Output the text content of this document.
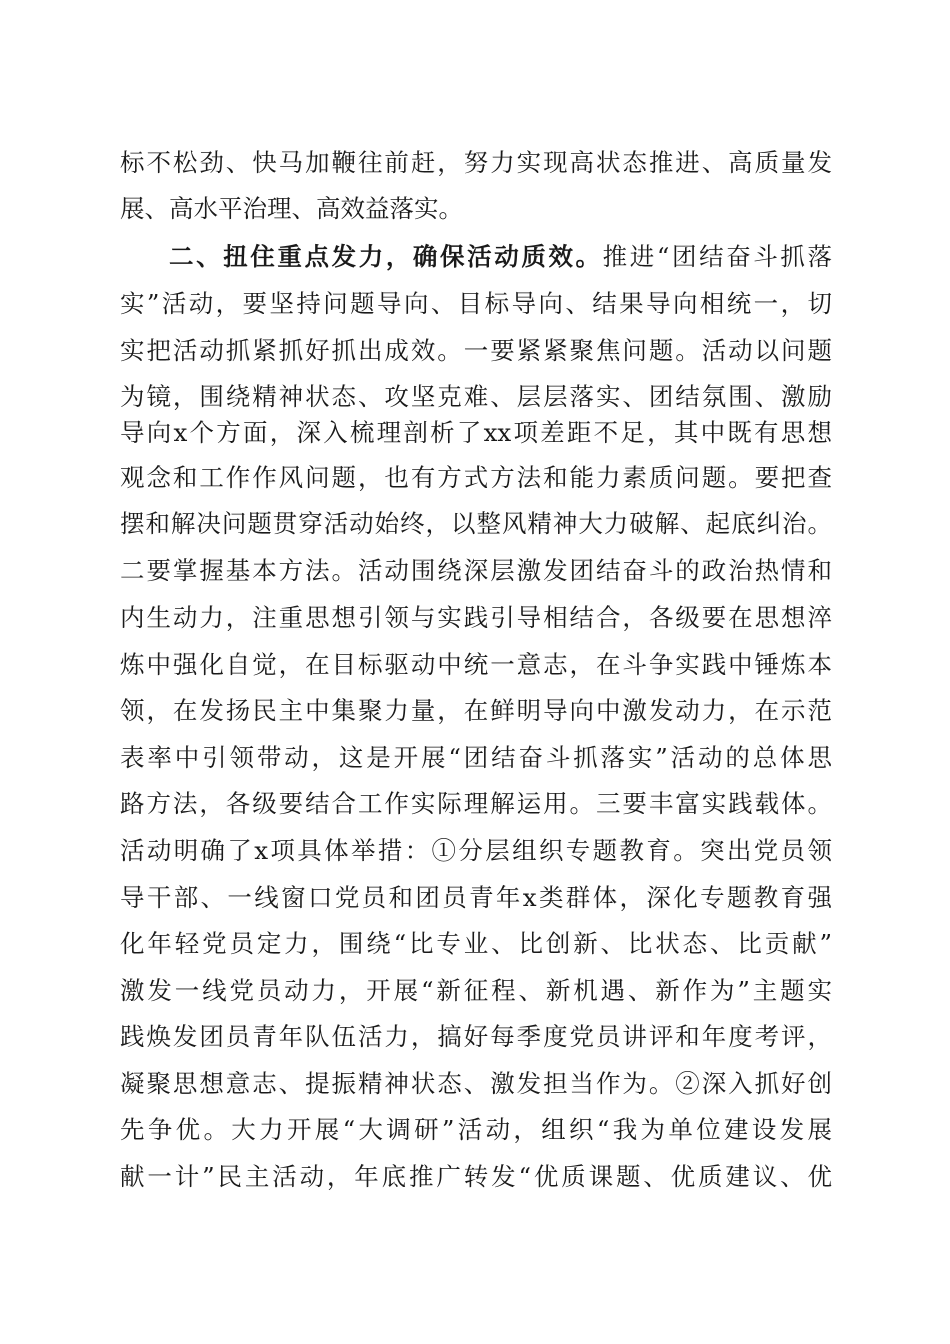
标不松劲、快马加鞭往前赶，努力实现高状态推进、高质量发
展、高水平治理、高效益落实。
二、扭住重点发力，确保活动质效。推进“团结奋斗抓落
实”活动，要坚持问题导向、目标导向、结果导向相统一，切
实把活动抓紧抓好抓出成效。一要紧紧聚焦问题。活动以问题
为镜，围绕精神状态、攻坚克难、层层落实、团结氛围、激励
导向x个方面，深入梳理剖析了xx项差距不足，其中既有思想
观念和工作作风问题，也有方式方法和能力素质问题。要把查
摆和解决问题贯穿活动始终，以整风精神大力破解、起底纠治。
二要掌握基本方法。活动围绕深层激发团结奋斗的政治热情和
内生动力，注重思想引领与实践引导相结合，各级要在思想淬
炼中强化自觉，在目标驱动中统一意志，在斗争实践中锤炼本
领，在发扬民主中集聚力量，在鲜明导向中激发动力，在示范
表率中引领带动，这是开展“团结奋斗抓落实”活动的总体思
路方法，各级要结合工作实际理解运用。三要丰富实践载体。
活动明确了x项具体举措：①分层组织专题教育。突出党员领
导干部、一线窗口党员和团员青年x类群体，深化专题教育强
化年轻党员定力，围绕“比专业、比创新、比状态、比贡献”
激发一线党员动力，开展“新征程、新机遇、新作为”主题实
践焕发团员青年队伍活力，搞好每季度党员讲评和年度考评，
凝聚思想意志、提振精神状态、激发担当作为。②深入抓好创
先争优。大力开展“大调研”活动，组织“我为单位建设发展
献一计”民主活动，年底推广转发“优质课题、优质建议、优
